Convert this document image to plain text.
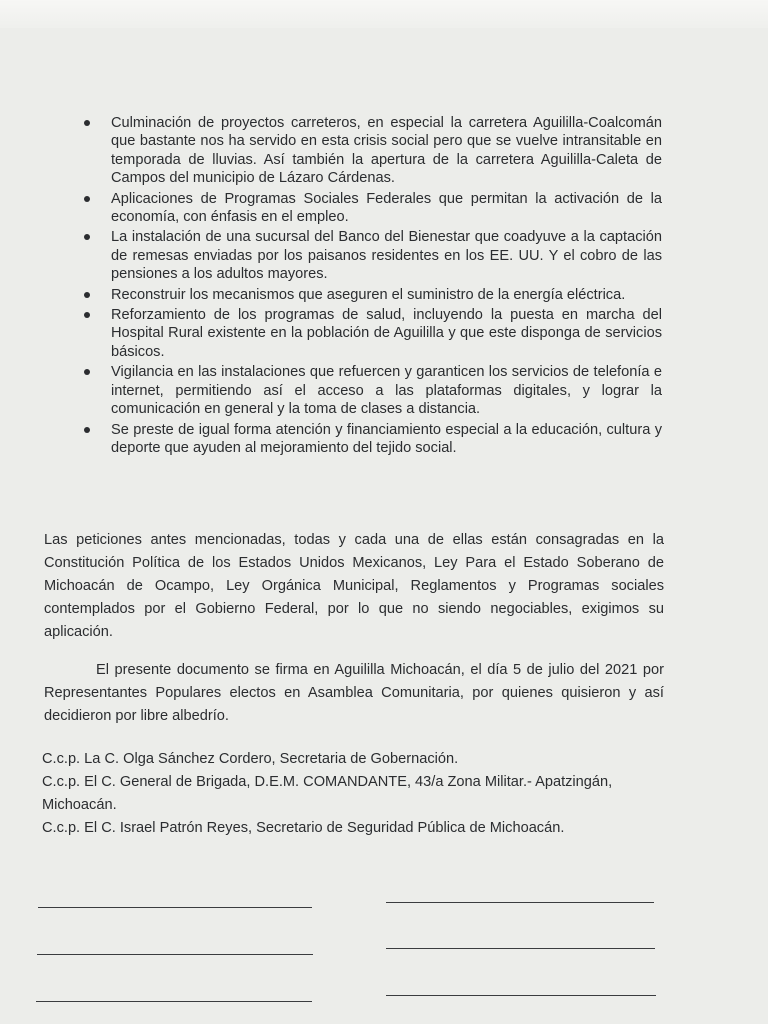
Culminación de proyectos carreteros, en especial la carretera Aguililla-Coalcomán que bastante nos ha servido en esta crisis social pero que se vuelve intransitable en temporada de lluvias. Así también la apertura de la carretera Aguililla-Caleta de Campos del municipio de Lázaro Cárdenas.
Aplicaciones de Programas Sociales Federales que permitan la activación de la economía, con énfasis en el empleo.
La instalación de una sucursal del Banco del Bienestar que coadyuve a la captación de remesas enviadas por los paisanos residentes en los EE. UU. Y el cobro de las pensiones a los adultos mayores.
Reconstruir los mecanismos que aseguren el suministro de la energía eléctrica.
Reforzamiento de los programas de salud, incluyendo la puesta en marcha del Hospital Rural existente en la población de Aguililla y que este disponga de servicios básicos.
Vigilancia en las instalaciones que refuercen y garanticen los servicios de telefonía e internet, permitiendo así el acceso a las plataformas digitales, y lograr la comunicación en general y la toma de clases a distancia.
Se preste de igual forma atención y financiamiento especial a la educación, cultura y deporte que ayuden al mejoramiento del tejido social.

Las peticiones antes mencionadas, todas y cada una de ellas están consagradas en la Constitución Política de los Estados Unidos Mexicanos, Ley Para el Estado Soberano de Michoacán de Ocampo, Ley Orgánica Municipal, Reglamentos y Programas sociales contemplados por el Gobierno Federal, por lo que no siendo negociables, exigimos su aplicación.

El presente documento se firma en Aguililla Michoacán, el día 5 de julio del 2021 por Representantes Populares electos en Asamblea Comunitaria, por quienes quisieron y así decidieron por libre albedrío.

C.c.p. La C. Olga Sánchez Cordero, Secretaria de Gobernación.
C.c.p. El C. General de Brigada, D.E.M. COMANDANTE, 43/a Zona Militar.- Apatzingán, Michoacán.
C.c.p. El C. Israel Patrón Reyes, Secretario de Seguridad Pública de Michoacán.
